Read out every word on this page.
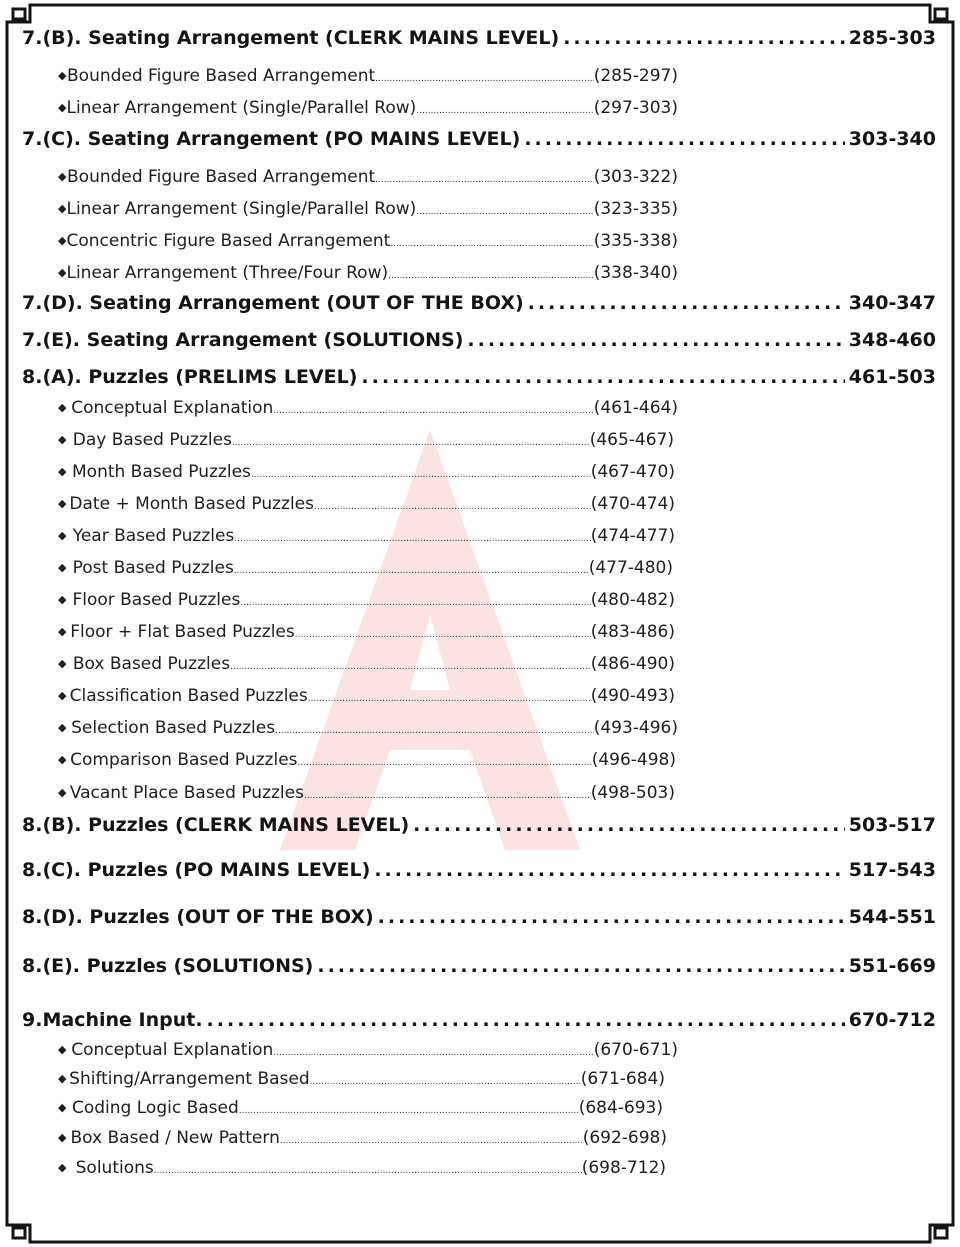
7. (B). Seating Arrangement (CLERK MAINS LEVEL) .....	285-303
◆ Bounded Figure Based Arrangement .....	(285-297)
◆ Linear Arrangement (Single/Parallel Row) .....	(297-303)
7. (C). Seating Arrangement (PO MAINS LEVEL) .....	303-340
◆ Bounded Figure Based Arrangement .....	(303-322)
◆ Linear Arrangement (Single/Parallel Row) .....	(323-335)
◆ Concentric Figure Based Arrangement .....	(335-338)
◆ Linear Arrangement (Three/Four Row) .....	(338-340)
7. (D). Seating Arrangement (OUT OF THE BOX) .....	340-347
7. (E). Seating Arrangement (SOLUTIONS) .....	348-460
8. (A). Puzzles (PRELIMS LEVEL) .....	461-503
◆ Conceptual Explanation .....	(461-464)
◆ Day Based Puzzles .....	(465-467)
◆ Month Based Puzzles .....	(467-470)
◆ Date + Month Based Puzzles .....	(470-474)
◆ Year Based Puzzles .....	(474-477)
◆ Post Based Puzzles .....	(477-480)
◆ Floor Based Puzzles .....	(480-482)
◆ Floor + Flat Based Puzzles .....	(483-486)
◆ Box Based Puzzles .....	(486-490)
◆ Classification Based Puzzles .....	(490-493)
◆ Selection Based Puzzles .....	(493-496)
◆ Comparison Based Puzzles .....	(496-498)
◆ Vacant Place Based Puzzles .....	(498-503)
8. (B). Puzzles (CLERK MAINS LEVEL) .....	503-517
8. (C). Puzzles (PO MAINS LEVEL) .....	517-543
8. (D). Puzzles (OUT OF THE BOX) .....	544-551
8. (E). Puzzles (SOLUTIONS) .....	551-669
9. Machine Input. .....	670-712
◆ Conceptual Explanation .....	(670-671)
◆ Shifting/Arrangement Based .....	(671-684)
◆ Coding Logic Based .....	(684-693)
◆ Box Based / New Pattern .....	(692-698)
◆ Solutions .....	(698-712)
